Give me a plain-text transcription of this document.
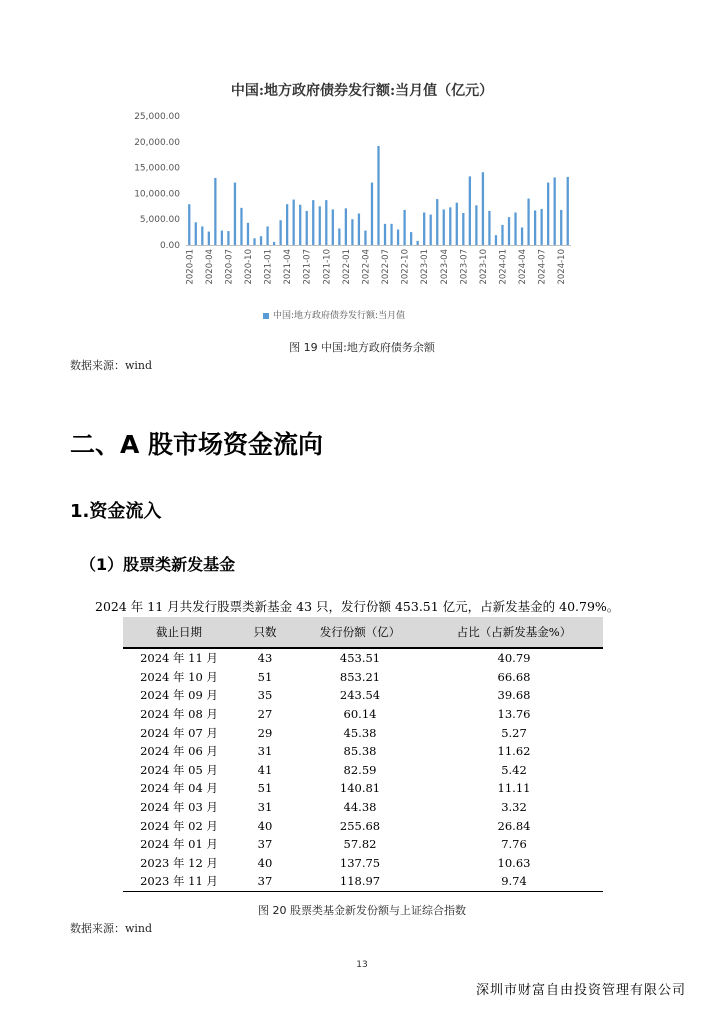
中国:地方政府债券发行额:当月值（亿元）
25,000.00
20,000.00
15,000.00
10,000.00
5,000.00
0.00
2020-01 2020-04 2020-07 2020-10 2021-01 2021-04 2021-07 2021-10 2022-01 2022-04 2022-07 2022-10 2023-01 2023-04 2023-07 2023-10 2024-01 2024-04 2024-07 2024-10
中国:地方政府债券发行额:当月值
图 19 中国:地方政府债务余额
数据来源：wind
二、A 股市场资金流向
1.资金流入
（1）股票类新发基金
2024 年 11 月共发行股票类新基金 43 只，发行份额 453.51 亿元，占新发基金的 40.79%。
截止日期	只数	发行份额（亿）	占比（占新发基金%）
2024 年 11 月	43	453.51	40.79
2024 年 10 月	51	853.21	66.68
2024 年 09 月	35	243.54	39.68
2024 年 08 月	27	60.14	13.76
2024 年 07 月	29	45.38	5.27
2024 年 06 月	31	85.38	11.62
2024 年 05 月	41	82.59	5.42
2024 年 04 月	51	140.81	11.11
2024 年 03 月	31	44.38	3.32
2024 年 02 月	40	255.68	26.84
2024 年 01 月	37	57.82	7.76
2023 年 12 月	40	137.75	10.63
2023 年 11 月	37	118.97	9.74
图 20 股票类基金新发份额与上证综合指数
数据来源：wind
13
深圳市财富自由投资管理有限公司
